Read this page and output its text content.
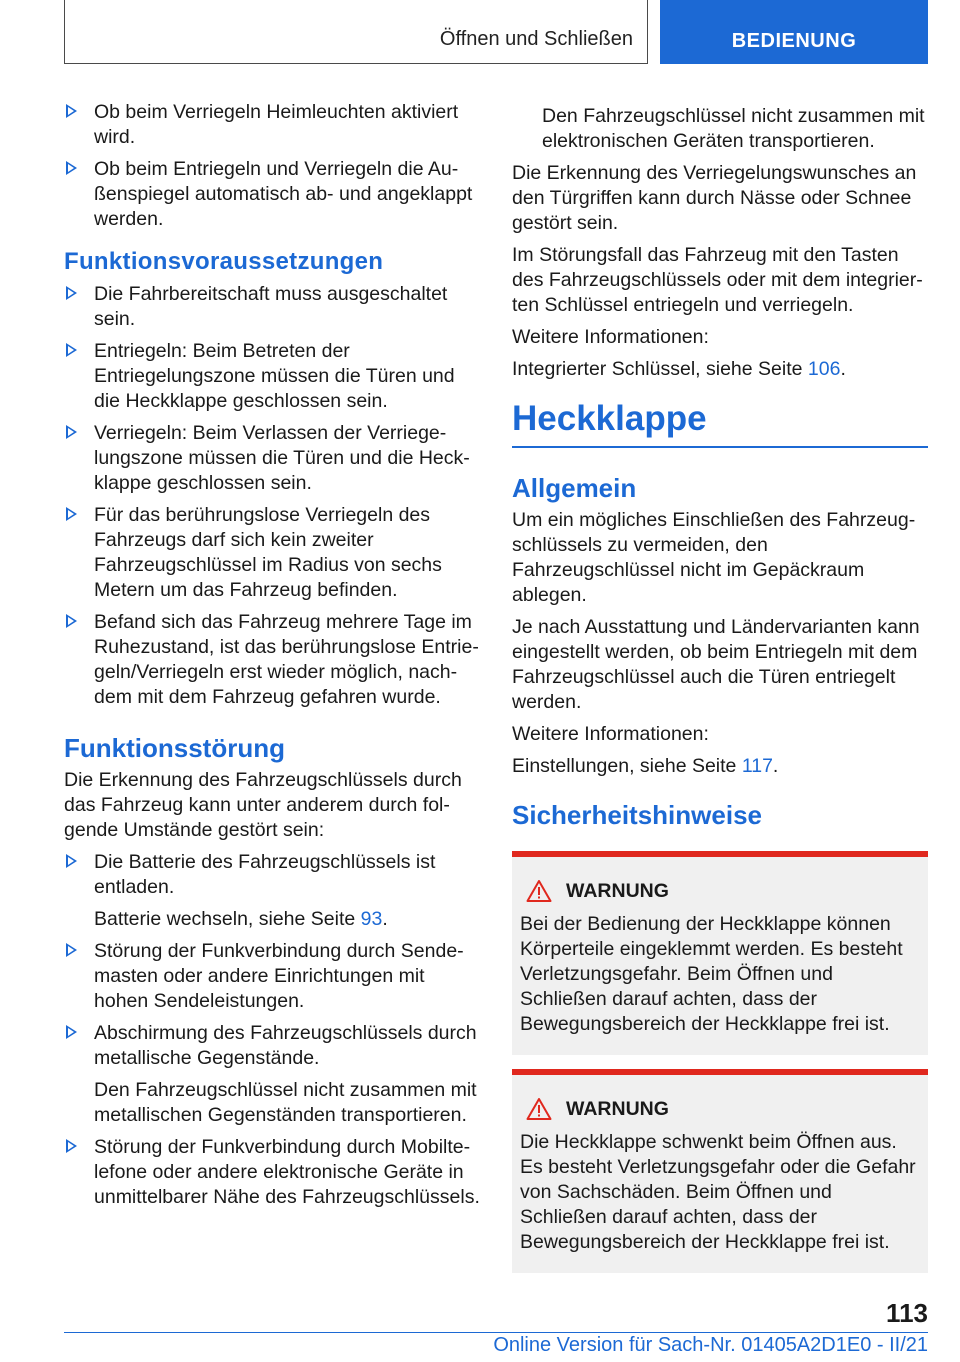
Öffnen und Schließen	BEDIENUNG
Ob beim Verriegeln Heimleuchten aktiviert wird.
Ob beim Entriegeln und Verriegeln die Außenspiegel automatisch ab- und angeklappt werden.
Funktionsvoraussetzungen
Die Fahrbereitschaft muss ausgeschaltet sein.
Entriegeln: Beim Betreten der Entriegelungszone müssen die Türen und die Heckklappe geschlossen sein.
Verriegeln: Beim Verlassen der Verriegelungszone müssen die Türen und die Heckklappe geschlossen sein.
Für das berührungslose Verriegeln des Fahrzeugs darf sich kein zweiter Fahrzeugschlüssel im Radius von sechs Metern um das Fahrzeug befinden.
Befand sich das Fahrzeug mehrere Tage im Ruhezustand, ist das berührungslose Entriegeln/Verriegeln erst wieder möglich, nachdem mit dem Fahrzeug gefahren wurde.
Funktionsstörung

Die Erkennung des Fahrzeugschlüssels durch das Fahrzeug kann unter anderem durch folgende Umstände gestört sein:

Die Batterie des Fahrzeugschlüssels ist entladen.
Batterie wechseln, siehe Seite 93.
Störung der Funkverbindung durch Sendemasten oder andere Einrichtungen mit hohen Sendeleistungen.
Abschirmung des Fahrzeugschlüssels durch metallische Gegenstände.
Den Fahrzeugschlüssel nicht zusammen mit metallischen Gegenständen transportieren.
Störung der Funkverbindung durch Mobiltelefone oder andere elektronische Geräte in unmittelbarer Nähe des Fahrzeugschlüssels.
Den Fahrzeugschlüssel nicht zusammen mit elektronischen Geräten transportieren.

Die Erkennung des Verriegelungswunsches an den Türgriffen kann durch Nässe oder Schnee gestört sein.

Im Störungsfall das Fahrzeug mit den Tasten des Fahrzeugschlüssels oder mit dem integrierten Schlüssel entriegeln und verriegeln.

Weitere Informationen:

Integrierter Schlüssel, siehe Seite 106.

Heckklappe
Allgemein

Um ein mögliches Einschließen des Fahrzeugschlüssels zu vermeiden, den Fahrzeugschlüssel nicht im Gepäckraum ablegen.

Je nach Ausstattung und Ländervarianten kann eingestellt werden, ob beim Entriegeln mit dem Fahrzeugschlüssel auch die Türen entriegelt werden.

Weitere Informationen:

Einstellungen, siehe Seite 117.

Sicherheitshinweise
WARNUNG
Bei der Bedienung der Heckklappe können Körperteile eingeklemmt werden. Es besteht Verletzungsgefahr. Beim Öffnen und Schließen darauf achten, dass der Bewegungsbereich der Heckklappe frei ist.
WARNUNG
Die Heckklappe schwenkt beim Öffnen aus. Es besteht Verletzungsgefahr oder die Gefahr von Sachschäden. Beim Öffnen und Schließen darauf achten, dass der Bewegungsbereich der Heckklappe frei ist.
113
Online Version für Sach-Nr. 01405A2D1E0 - II/21
